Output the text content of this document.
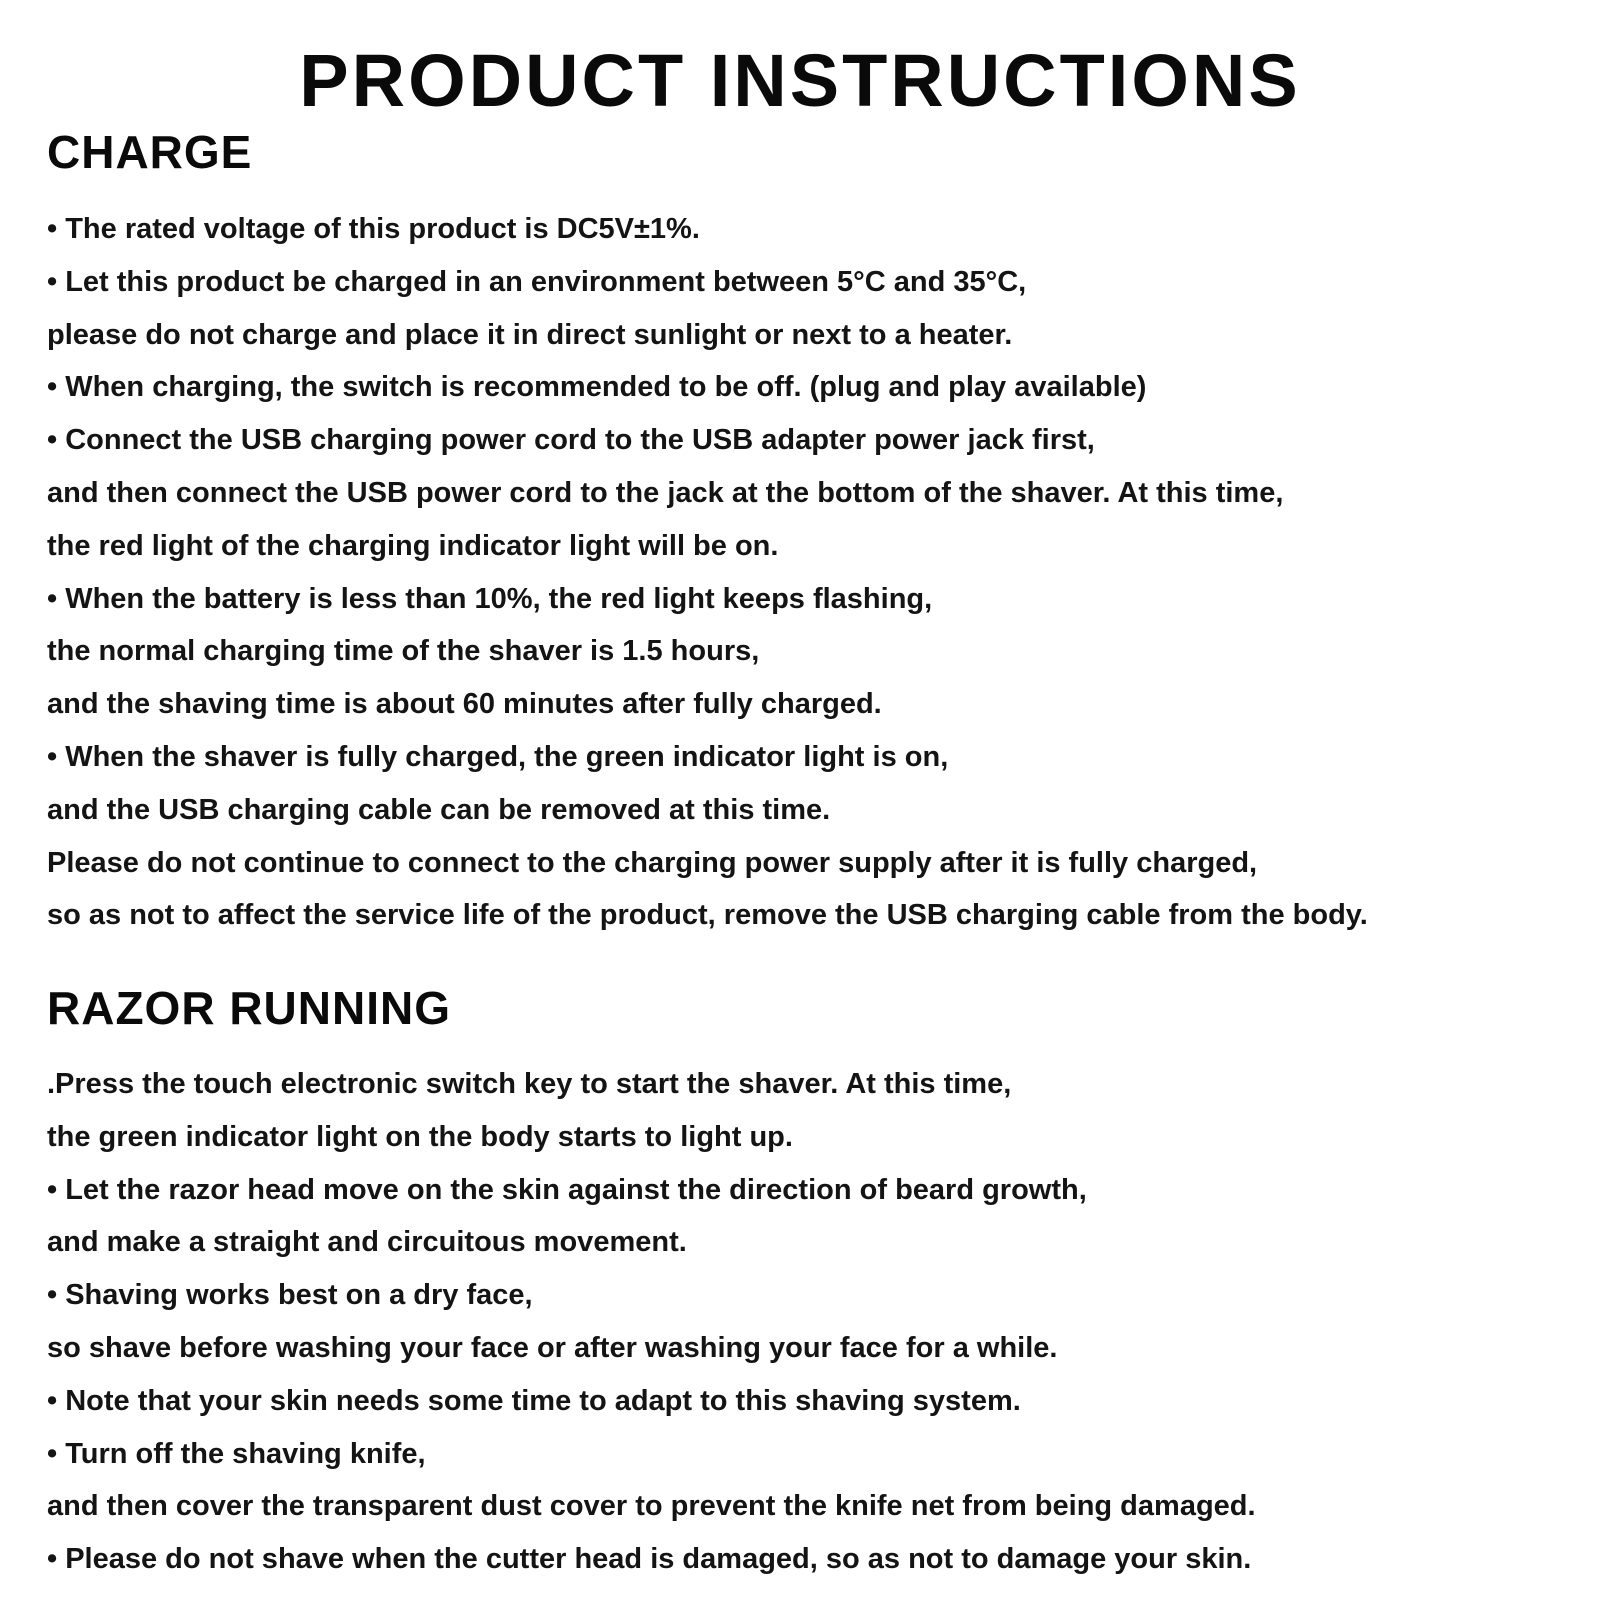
PRODUCT INSTRUCTIONS
CHARGE
• The rated voltage of this product is DC5V±1%.
• Let this product be charged in an environment between 5°C and 35°C,
please do not charge and place it in direct sunlight or next to a heater.
• When charging, the switch is recommended to be off. (plug and play available)
• Connect the USB charging power cord to the USB adapter power jack first,
and then connect the USB power cord to the jack at the bottom of the shaver. At this time,
the red light of the charging indicator light will be on.
• When the battery is less than 10%, the red light keeps flashing,
the normal charging time of the shaver is 1.5 hours,
and the shaving time is about 60 minutes after fully charged.
• When the shaver is fully charged, the green indicator light is on,
and the USB charging cable can be removed at this time.
Please do not continue to connect to the charging power supply after it is fully charged,
so as not to affect the service life of the product, remove the USB charging cable from the body.
RAZOR RUNNING
.Press the touch electronic switch key to start the shaver. At this time,
the green indicator light on the body starts to light up.
• Let the razor head move on the skin against the direction of beard growth,
and make a straight and circuitous movement.
• Shaving works best on a dry face,
so shave before washing your face or after washing your face for a while.
• Note that your skin needs some time to adapt to this shaving system.
• Turn off the shaving knife,
and then cover the transparent dust cover to prevent the knife net from being damaged.
• Please do not shave when the cutter head is damaged, so as not to damage your skin.
